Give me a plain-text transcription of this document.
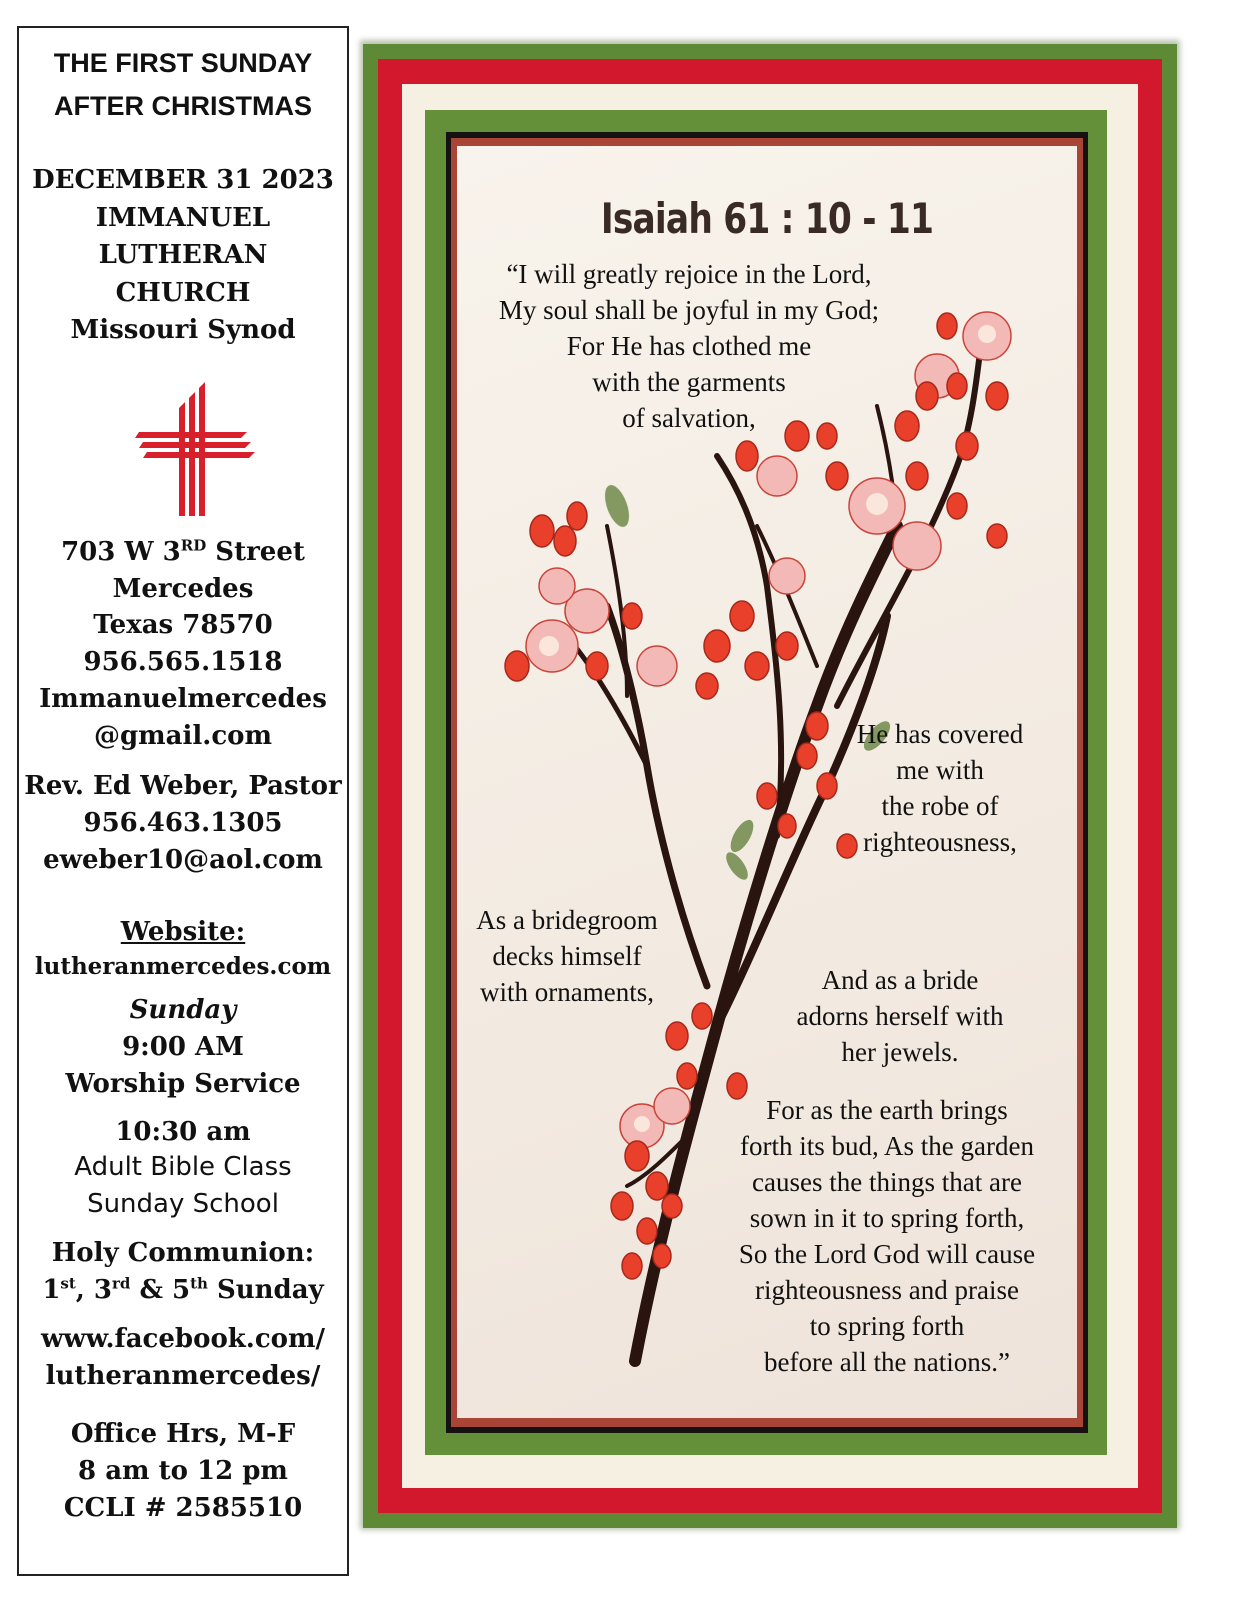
THE FIRST SUNDAY
AFTER CHRISTMAS
DECEMBER 31 2023
IMMANUEL
LUTHERAN
CHURCH
Missouri Synod
703 W 3RD Street
Mercedes
Texas 78570
956.565.1518
Immanuelmercedes
@gmail.com
Rev. Ed Weber, Pastor
956.463.1305
eweber10@aol.com
Website:
lutheranmercedes.com
Sunday
9:00 AM
Worship Service
10:30 am
Adult Bible Class
Sunday School
Holy Communion:
1st, 3rd & 5th Sunday
www.facebook.com/
lutheranmercedes/
Office Hrs, M-F
8 am to 12 pm
CCLI # 2585510
Isaiah 61 : 10 - 11
“I will greatly rejoice in the Lord,
My soul shall be joyful in my God;
For He has clothed me
with the garments
of salvation,
He has covered
me with
the robe of
righteousness,
As a bridegroom
decks himself
with ornaments,	And as a bride
adorns herself with
her jewels.
For as the earth brings
forth its bud, As the garden
causes the things that are
sown in it to spring forth,
So the Lord God will cause
righteousness and praise
to spring forth
before all the nations.”
